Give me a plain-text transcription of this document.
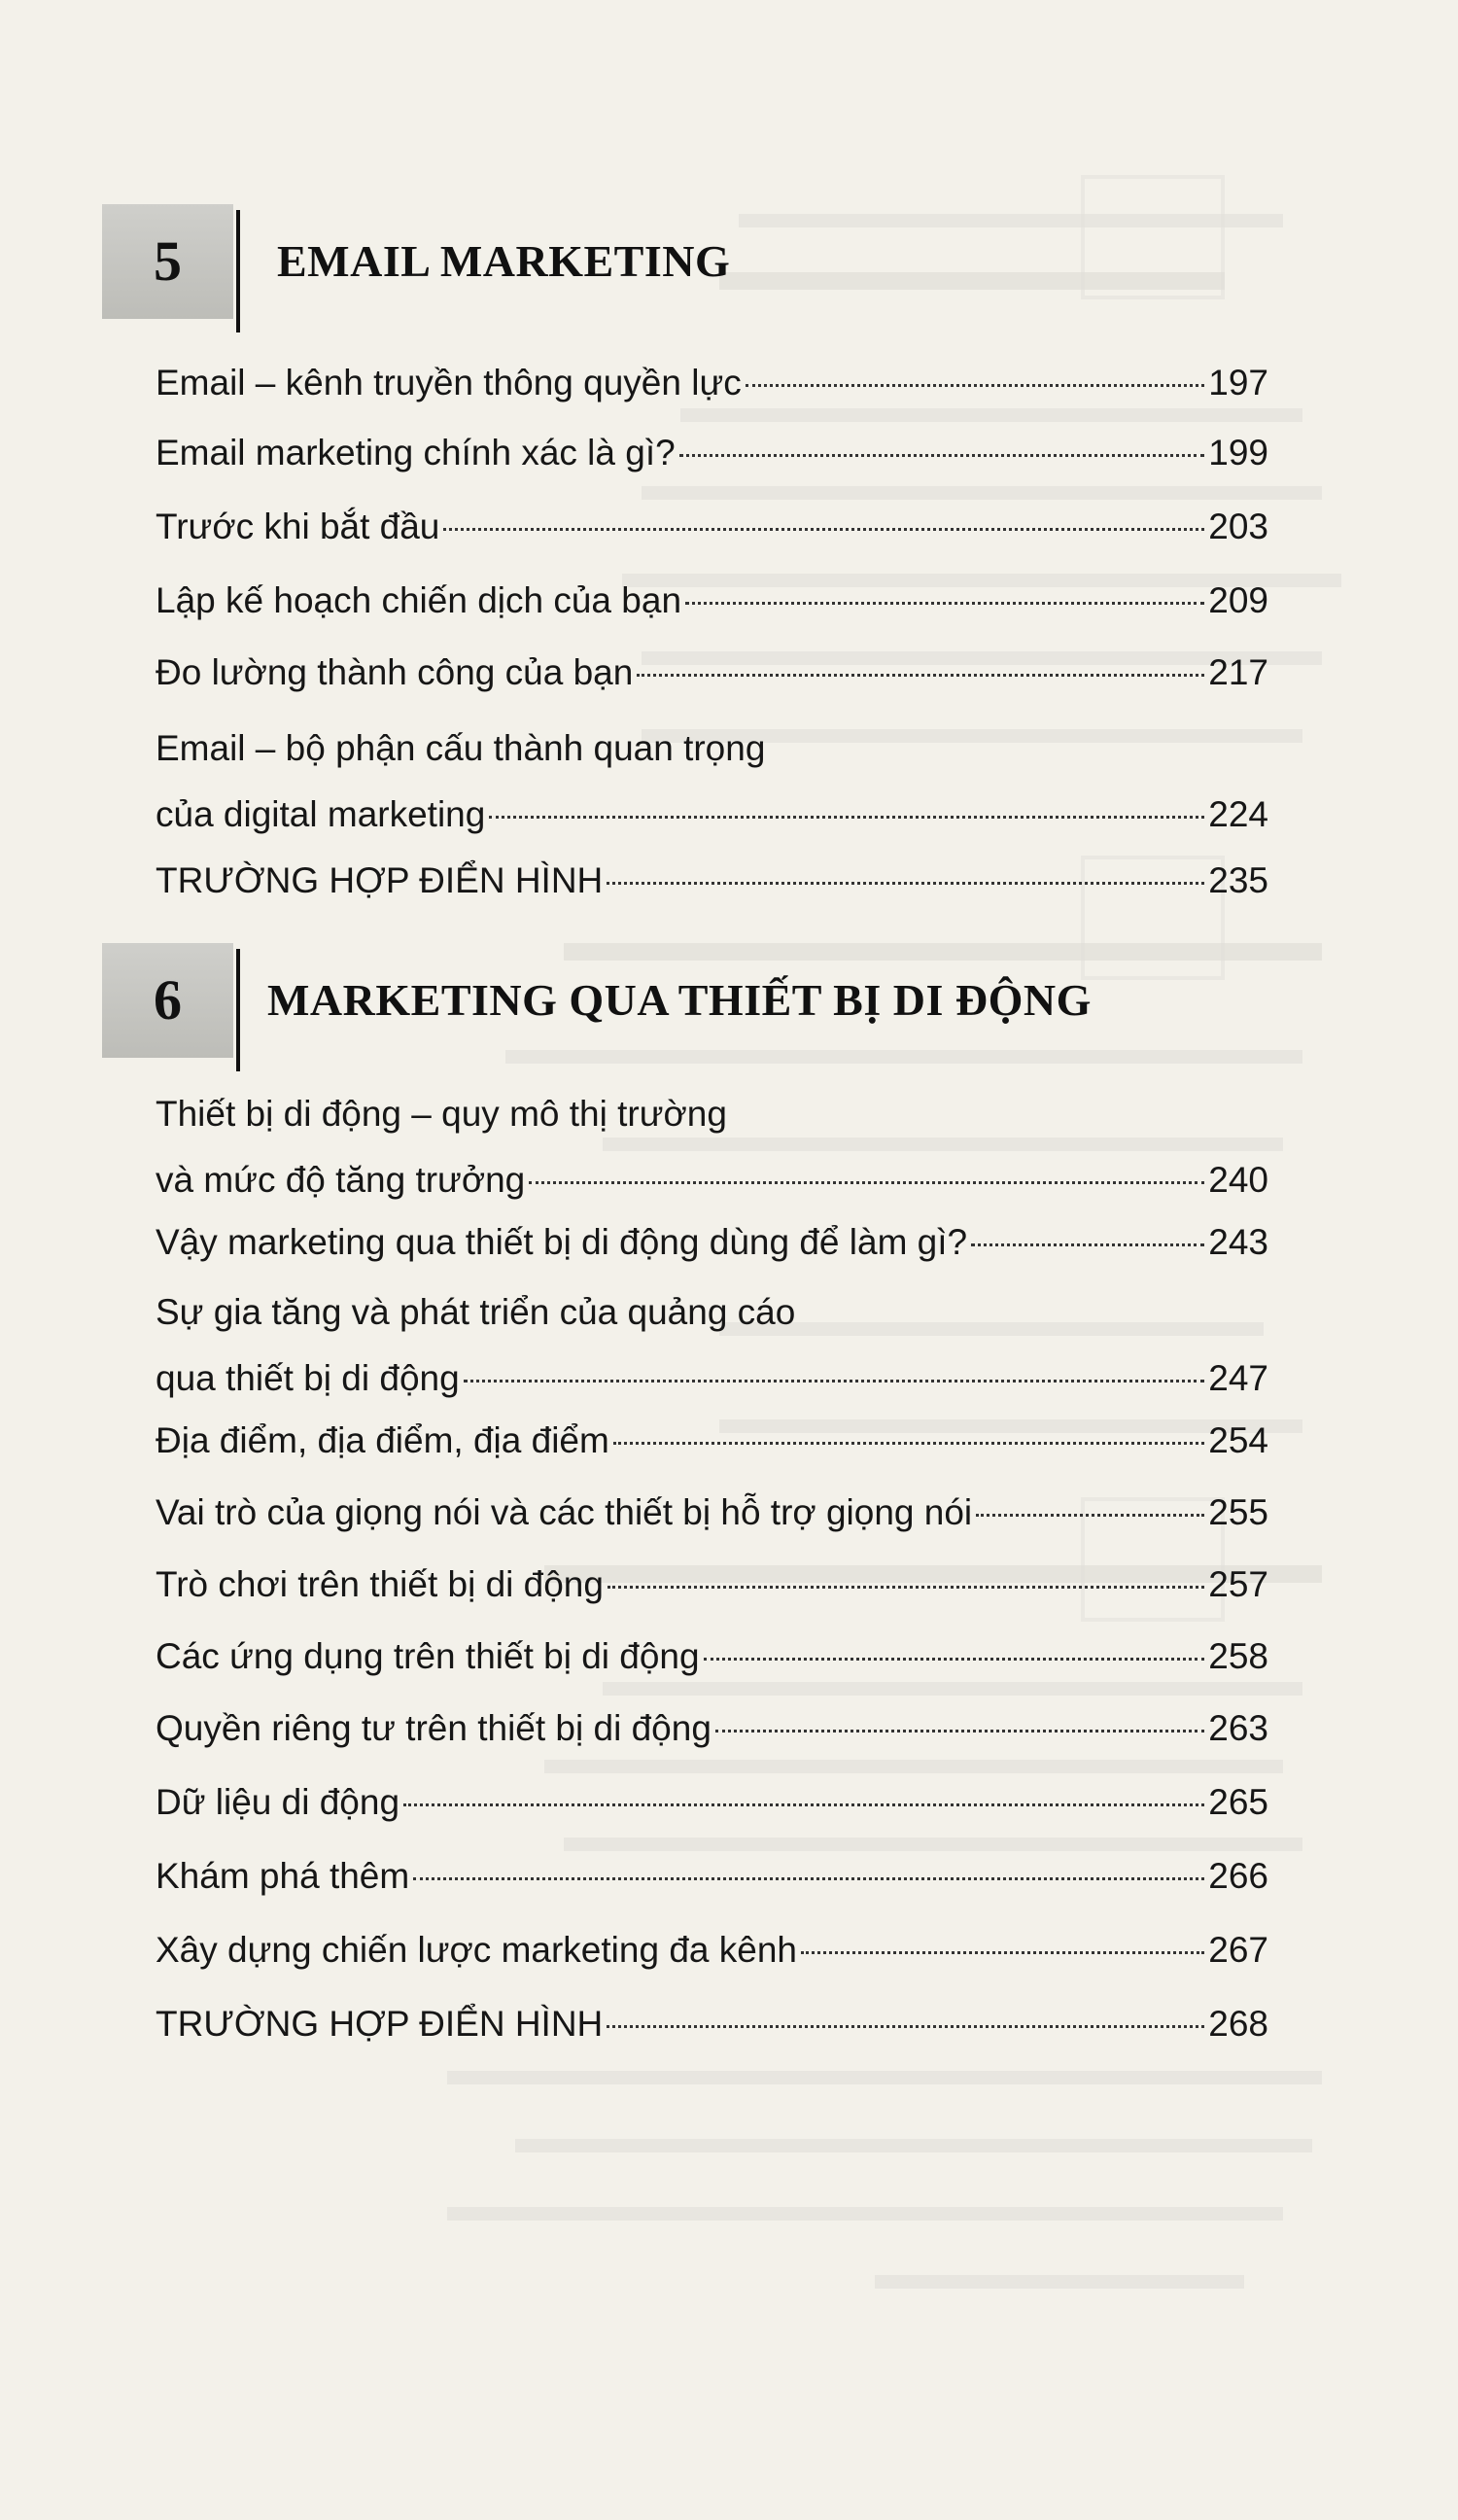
5	EMAIL MARKETING
Email – kênh truyền thông quyền lực	197
Email marketing chính xác là gì?	199
Trước khi bắt đầu	203
Lập kế hoạch chiến dịch của bạn	209
Đo lường thành công của bạn	217
Email – bộ phận cấu thành quan trọng
của digital marketing	224
TRƯỜNG HỢP ĐIỂN HÌNH	235
6	MARKETING QUA THIẾT BỊ DI ĐỘNG
Thiết bị di động – quy mô thị trường
và mức độ tăng trưởng	240
Vậy marketing qua thiết bị di động dùng để làm gì?	243
Sự gia tăng và phát triển của quảng cáo
qua thiết bị di động	247
Địa điểm, địa điểm, địa điểm	254
Vai trò của giọng nói và các thiết bị hỗ trợ giọng nói	255
Trò chơi trên thiết bị di động	257
Các ứng dụng trên thiết bị di động	258
Quyền riêng tư trên thiết bị di động	263
Dữ liệu di động	265
Khám phá thêm	266
Xây dựng chiến lược marketing đa kênh	267
TRƯỜNG HỢP ĐIỂN HÌNH	268
